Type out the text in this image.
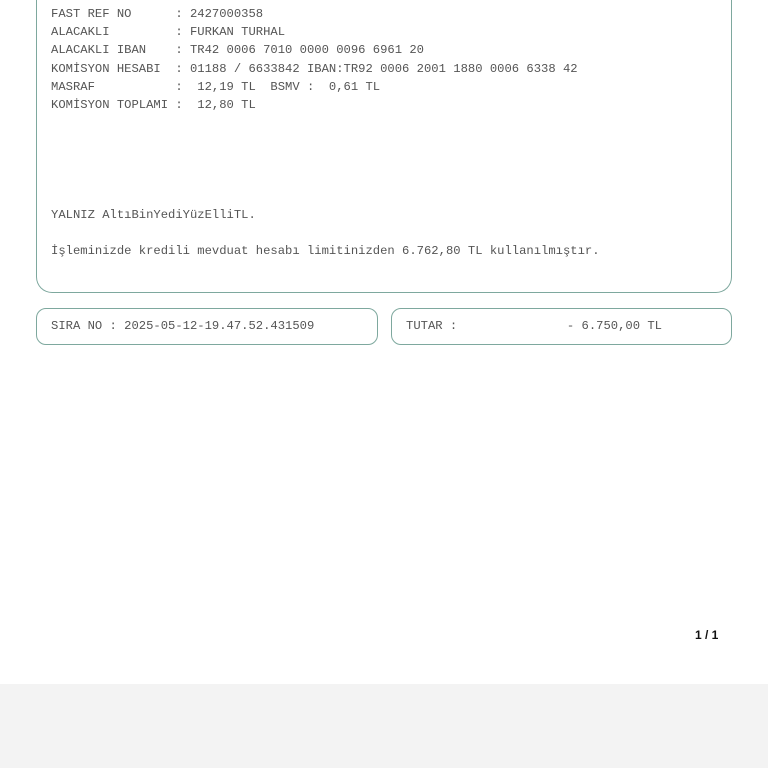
FAST REF NO      : 2427000358
ALACAKLI         : FURKAN TURHAL
ALACAKLI IBAN    : TR42 0006 7010 0000 0096 6961 20
KOMİSYON HESABI  : 01188 / 6633842 IBAN:TR92 0006 2001 1880 0006 6338 42
MASRAF           :  12,19 TL  BSMV :  0,61 TL
KOMİSYON TOPLAMI :  12,80 TL
YALNIZ AltıBinYediYüzElliTL.
İşleminizde kredili mevduat hesabı limitinizden 6.762,80 TL kullanılmıştır.
SIRA NO : 2025-05-12-19.47.52.431509	TUTAR :               - 6.750,00 TL
1 / 1
